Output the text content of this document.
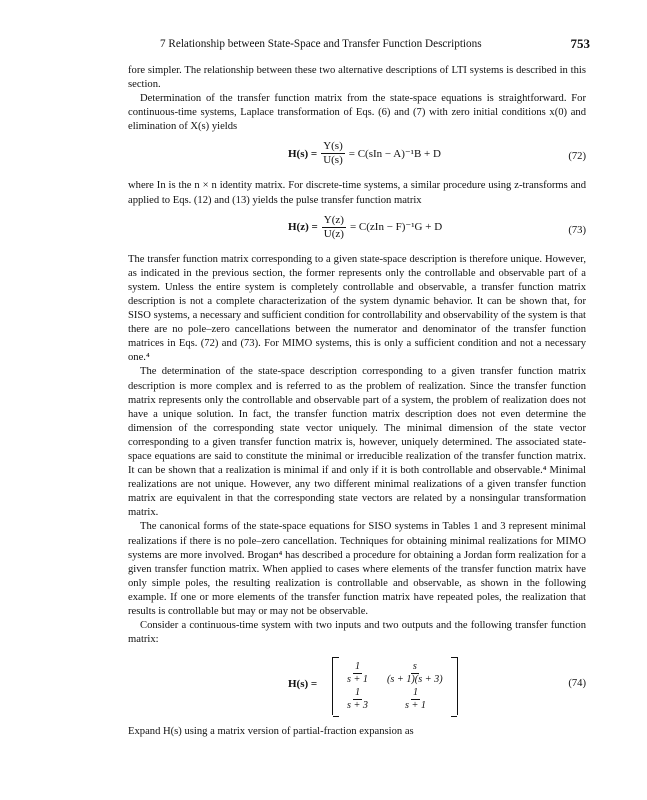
7 Relationship between State-Space and Transfer Function Descriptions	753

fore simpler. The relationship between these two alternative descriptions of LTI systems is described in this section.

Determination of the transfer function matrix from the state-space equations is straightforward. For continuous-time systems, Laplace transformation of Eqs. (6) and (7) with zero initial conditions x(0) and elimination of X(s) yields

$H(s) = \frac{Y(s)}{U(s)} = C(sIn - A)^{-1}B + D$	(72)

where In is the n × n identity matrix. For discrete-time systems, a similar procedure using z-transforms and applied to Eqs. (12) and (13) yields the pulse transfer function matrix

$H(z) = \frac{Y(z)}{U(z)} = C(zIn - F)^{-1}G + D$	(73)

The transfer function matrix corresponding to a given state-space description is therefore unique. However, as indicated in the previous section, the former represents only the controllable and observable part of a system. Unless the entire system is completely controllable and observable, a transfer function matrix description is not a complete characterization of the system dynamic behavior. It can be shown that, for SISO systems, a necessary and sufficient condition for controllability and observability of the system is that there are no pole–zero cancellations between the numerator and denominator of the transfer function matrices in Eqs. (72) and (73). For MIMO systems, this is only a sufficient condition and not a necessary one.⁴

The determination of the state-space description corresponding to a given transfer function matrix description is more complex and is referred to as the problem of realization. Since the transfer function matrix represents only the controllable and observable part of a system, the problem of realization does not have a unique solution. In fact, the transfer function matrix description does not even determine the dimension of the corresponding state vector uniquely. The minimal dimension of the state vector corresponding to a given transfer function matrix is, however, uniquely determined. The associated state-space equations are said to constitute the minimal or irreducible realization of the transfer function matrix. It can be shown that a realization is minimal if and only if it is both controllable and observable.⁴ Minimal realizations are not unique. However, any two different minimal realizations of a given transfer function matrix are equivalent in that the corresponding state vectors are related by a nonsingular transformation matrix.

The canonical forms of the state-space equations for SISO systems in Tables 1 and 3 represent minimal realizations if there is no pole–zero cancellation. Techniques for obtaining minimal realizations for MIMO systems are more involved. Brogan⁴ has described a procedure for obtaining a Jordan form realization for a given transfer function matrix. When applied to cases where elements of the transfer function matrix have only simple poles, the resulting realization is controllable and observable, as shown in the following example. If one or more elements of the transfer function matrix have repeated poles, the realization that results is controllable but may or may not be observable.

Consider a continuous-time system with two inputs and two outputs and the following transfer function matrix:

H(s) =	$\frac{1}{s + 1} \frac{s}{(s + 1)(s + 3)}$
$\frac{1}{s + 3}$	$\frac{1}{s + 1}$
(74)

Expand H(s) using a matrix version of partial-fraction expansion as
